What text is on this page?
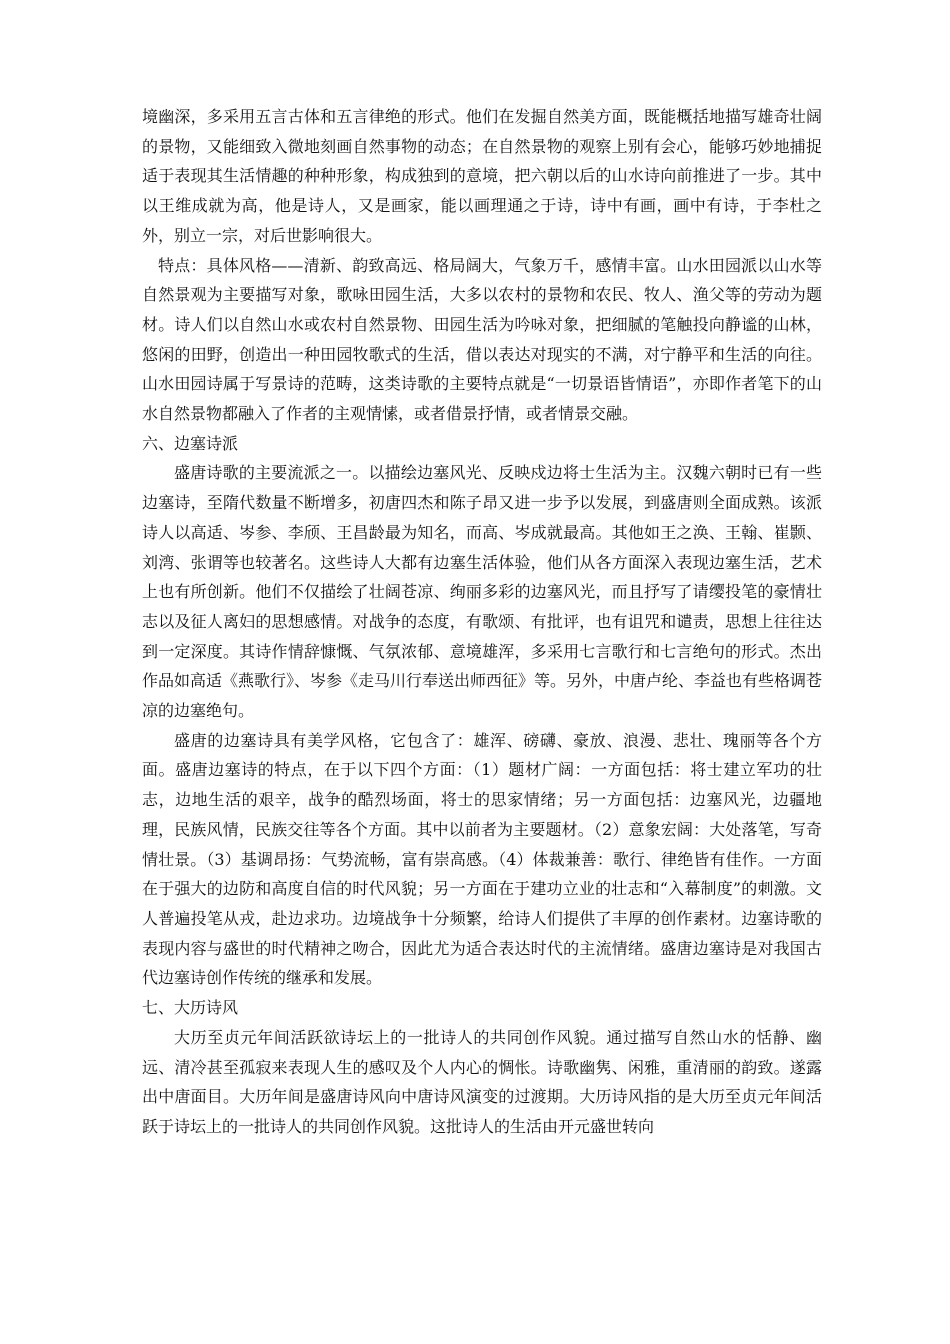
境幽深，多采用五言古体和五言律绝的形式。他们在发掘自然美方面，既能概括地描写雄奇壮阔的景物，又能细致入微地刻画自然事物的动态；在自然景物的观察上别有会心，能够巧妙地捕捉适于表现其生活情趣的种种形象，构成独到的意境，把六朝以后的山水诗向前推进了一步。其中以王维成就为高，他是诗人，又是画家，能以画理通之于诗，诗中有画，画中有诗，于李杜之外，别立一宗，对后世影响很大。

特点：具体风格——清新、韵致高远、格局阔大，气象万千，感情丰富。山水田园派以山水等自然景观为主要描写对象，歌咏田园生活，大多以农村的景物和农民、牧人、渔父等的劳动为题材。诗人们以自然山水或农村自然景物、田园生活为吟咏对象，把细腻的笔触投向静谧的山林，悠闲的田野，创造出一种田园牧歌式的生活，借以表达对现实的不满，对宁静平和生活的向往。山水田园诗属于写景诗的范畴，这类诗歌的主要特点就是“一切景语皆情语”，亦即作者笔下的山水自然景物都融入了作者的主观情愫，或者借景抒情，或者情景交融。

六、边塞诗派

盛唐诗歌的主要流派之一。以描绘边塞风光、反映戍边将士生活为主。汉魏六朝时已有一些边塞诗，至隋代数量不断增多，初唐四杰和陈子昂又进一步予以发展，到盛唐则全面成熟。该派诗人以高适、岑参、李颀、王昌龄最为知名，而高、岑成就最高。其他如王之涣、王翰、崔颢、刘湾、张谓等也较著名。这些诗人大都有边塞生活体验，他们从各方面深入表现边塞生活，艺术上也有所创新。他们不仅描绘了壮阔苍凉、绚丽多彩的边塞风光，而且抒写了请缨投笔的豪情壮志以及征人离妇的思想感情。对战争的态度，有歌颂、有批评，也有诅咒和谴责，思想上往往达到一定深度。其诗作情辞慷慨、气氛浓郁、意境雄浑，多采用七言歌行和七言绝句的形式。杰出作品如高适《燕歌行》、岑参《走马川行奉送出师西征》等。另外，中唐卢纶、李益也有些格调苍凉的边塞绝句。

盛唐的边塞诗具有美学风格，它包含了：雄浑、磅礴、豪放、浪漫、悲壮、瑰丽等各个方面。盛唐边塞诗的特点，在于以下四个方面：（1）题材广阔：一方面包括：将士建立军功的壮志，边地生活的艰辛，战争的酷烈场面，将士的思家情绪；另一方面包括：边塞风光，边疆地理，民族风情，民族交往等各个方面。其中以前者为主要题材。（2）意象宏阔：大处落笔，写奇情壮景。（3）基调昂扬：气势流畅，富有崇高感。（4）体裁兼善：歌行、律绝皆有佳作。一方面在于强大的边防和高度自信的时代风貌；另一方面在于建功立业的壮志和“入幕制度”的刺激。文人普遍投笔从戎，赴边求功。边境战争十分频繁，给诗人们提供了丰厚的创作素材。边塞诗歌的表现内容与盛世的时代精神之吻合，因此尤为适合表达时代的主流情绪。盛唐边塞诗是对我国古代边塞诗创作传统的继承和发展。

七、大历诗风

大历至贞元年间活跃欲诗坛上的一批诗人的共同创作风貌。通过描写自然山水的恬静、幽远、清冷甚至孤寂来表现人生的感叹及个人内心的惆怅。诗歌幽隽、闲雅，重清丽的韵致。遂露出中唐面目。大历年间是盛唐诗风向中唐诗风演变的过渡期。大历诗风指的是大历至贞元年间活跃于诗坛上的一批诗人的共同创作风貌。这批诗人的生活由开元盛世转向
